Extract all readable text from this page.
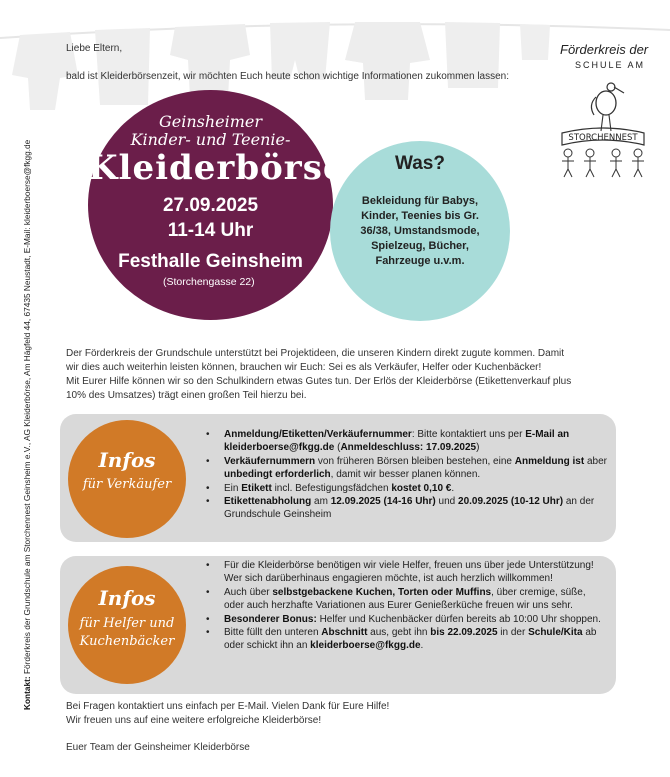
Liebe Eltern,
bald ist Kleiderbörsenzeit, wir möchten Euch heute schon wichtige Informationen zukommen lassen:
Kontakt: Förderkreis der Grundschule am Storchennest Geinsheim e.V., AG Kleiderbörse, Am Hägfeld 44, 67435 Neustadt, E-Mail: kleiderboerse@fkgg.de
STORCHENNEST
Förderkreis der
SCHULE AM
Geinsheimer
Kinder- und Teenie-
Kleiderbörse
27.09.2025
11-14 Uhr
Festhalle Geinsheim
(Storchengasse 22)
Was?
Bekleidung für Babys, Kinder, Teenies bis Gr. 36/38, Umstandsmode, Spielzeug, Bücher, Fahrzeuge u.v.m.
Der Förderkreis der Grundschule unterstützt bei Projektideen, die unseren Kindern direkt zugute kommen. Damit
wir dies auch weiterhin leisten können, brauchen wir Euch: Sei es als Verkäufer, Helfer oder Kuchenbäcker!
Mit Eurer Hilfe können wir so den Schulkindern etwas Gutes tun. Der Erlös der Kleiderbörse (Etikettenverkauf plus
10% des Umsatzes) trägt einen großen Teil hierzu bei.
Infos
für Verkäufer
• Anmeldung/Etiketten/Verkäufernummer: Bitte kontaktiert uns per E-Mail an kleiderboerse@fkgg.de (Anmeldeschluss: 17.09.2025)
• Verkäufernummern von früheren Börsen bleiben bestehen, eine Anmeldung ist aber unbedingt erforderlich, damit wir besser planen können.
• Ein Etikett incl. Befestigungsfädchen kostet 0,10 €.
• Etikettenabholung am 12.09.2025 (14-16 Uhr) und 20.09.2025 (10-12 Uhr) an der Grundschule Geinsheim
Infos
für Helfer und
Kuchenbäcker
• Für die Kleiderbörse benötigen wir viele Helfer, freuen uns über jede Unterstützung! Wer sich darüberhinaus engagieren möchte, ist auch herzlich willkommen!
• Auch über selbstgebackene Kuchen, Torten oder Muffins, über cremige, süße, oder auch herzhafte Variationen aus Eurer Genießerküche freuen wir uns sehr.
• Besonderer Bonus: Helfer und Kuchenbäcker dürfen bereits ab 10:00 Uhr shoppen.
• Bitte füllt den unteren Abschnitt aus, gebt ihn bis 22.09.2025 in der Schule/Kita ab oder schickt ihn an kleiderboerse@fkgg.de.
Bei Fragen kontaktiert uns einfach per E-Mail. Vielen Dank für Eure Hilfe!
Wir freuen uns auf eine weitere erfolgreiche Kleiderbörse!
Euer Team der Geinsheimer Kleiderbörse
